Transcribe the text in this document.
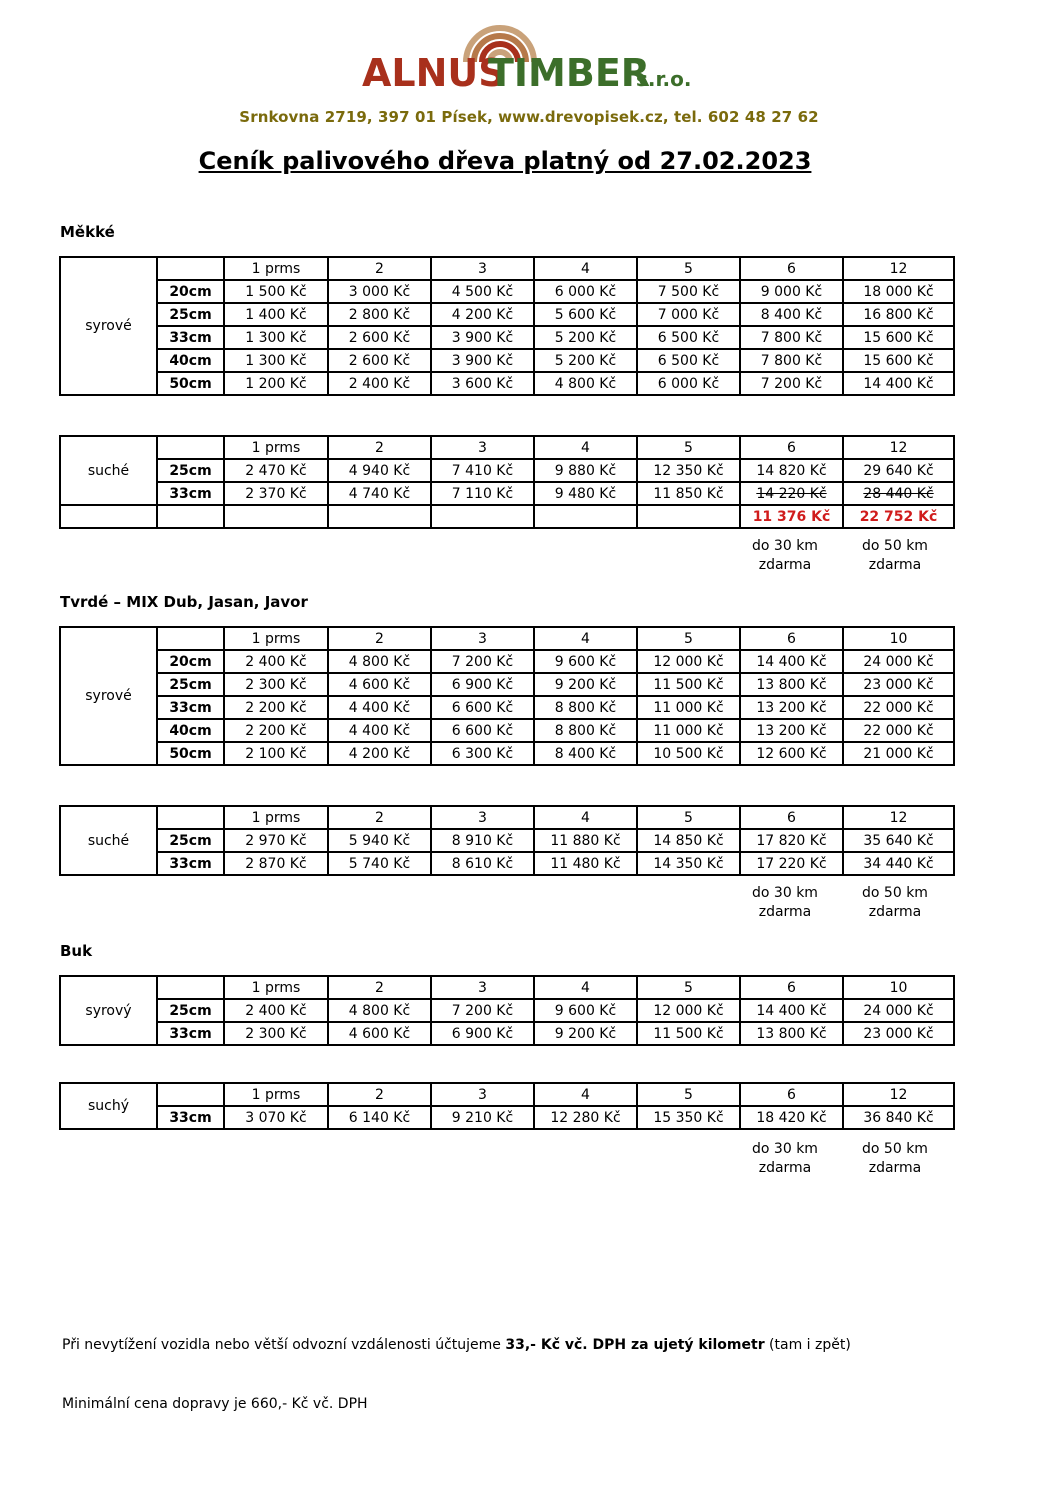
ALNUS
TIMBER
s.r.o.
Srnkovna 2719, 397 01 Písek, www.drevopisek.cz, tel. 602 48 27 62
Ceník palivového dřeva platný od 27.02.2023
Měkké
syrové		1 prms	2	3	4	5	6	12
	20cm	1 500 Kč	3 000 Kč	4 500 Kč	6 000 Kč	7 500 Kč	9 000 Kč	18 000 Kč
	25cm	1 400 Kč	2 800 Kč	4 200 Kč	5 600 Kč	7 000 Kč	8 400 Kč	16 800 Kč
	33cm	1 300 Kč	2 600 Kč	3 900 Kč	5 200 Kč	6 500 Kč	7 800 Kč	15 600 Kč
	40cm	1 300 Kč	2 600 Kč	3 900 Kč	5 200 Kč	6 500 Kč	7 800 Kč	15 600 Kč
	50cm	1 200 Kč	2 400 Kč	3 600 Kč	4 800 Kč	6 000 Kč	7 200 Kč	14 400 Kč
suché		1 prms	2	3	4	5	6	12
	25cm	2 470 Kč	4 940 Kč	7 410 Kč	9 880 Kč	12 350 Kč	14 820 Kč	29 640 Kč
	33cm	2 370 Kč	4 740 Kč	7 110 Kč	9 480 Kč	11 850 Kč	14 220 Kč	28 440 Kč
							11 376 Kč	22 752 Kč
do 30 km
zdarma
do 50 km
zdarma
Tvrdé – MIX Dub, Jasan, Javor
syrové		1 prms	2	3	4	5	6	10
	20cm	2 400 Kč	4 800 Kč	7 200 Kč	9 600 Kč	12 000 Kč	14 400 Kč	24 000 Kč
	25cm	2 300 Kč	4 600 Kč	6 900 Kč	9 200 Kč	11 500 Kč	13 800 Kč	23 000 Kč
	33cm	2 200 Kč	4 400 Kč	6 600 Kč	8 800 Kč	11 000 Kč	13 200 Kč	22 000 Kč
	40cm	2 200 Kč	4 400 Kč	6 600 Kč	8 800 Kč	11 000 Kč	13 200 Kč	22 000 Kč
	50cm	2 100 Kč	4 200 Kč	6 300 Kč	8 400 Kč	10 500 Kč	12 600 Kč	21 000 Kč
suché		1 prms	2	3	4	5	6	12
	25cm	2 970 Kč	5 940 Kč	8 910 Kč	11 880 Kč	14 850 Kč	17 820 Kč	35 640 Kč
	33cm	2 870 Kč	5 740 Kč	8 610 Kč	11 480 Kč	14 350 Kč	17 220 Kč	34 440 Kč
do 30 km
zdarma
do 50 km
zdarma
Buk
syrový		1 prms	2	3	4	5	6	10
	25cm	2 400 Kč	4 800 Kč	7 200 Kč	9 600 Kč	12 000 Kč	14 400 Kč	24 000 Kč
	33cm	2 300 Kč	4 600 Kč	6 900 Kč	9 200 Kč	11 500 Kč	13 800 Kč	23 000 Kč
suchý		1 prms	2	3	4	5	6	12
	33cm	3 070 Kč	6 140 Kč	9 210 Kč	12 280 Kč	15 350 Kč	18 420 Kč	36 840 Kč
do 30 km
zdarma
do 50 km
zdarma
Při nevytížení vozidla nebo větší odvozní vzdálenosti účtujeme 33,- Kč vč. DPH za ujetý kilometr (tam i zpět)
Minimální cena dopravy je 660,- Kč vč. DPH
